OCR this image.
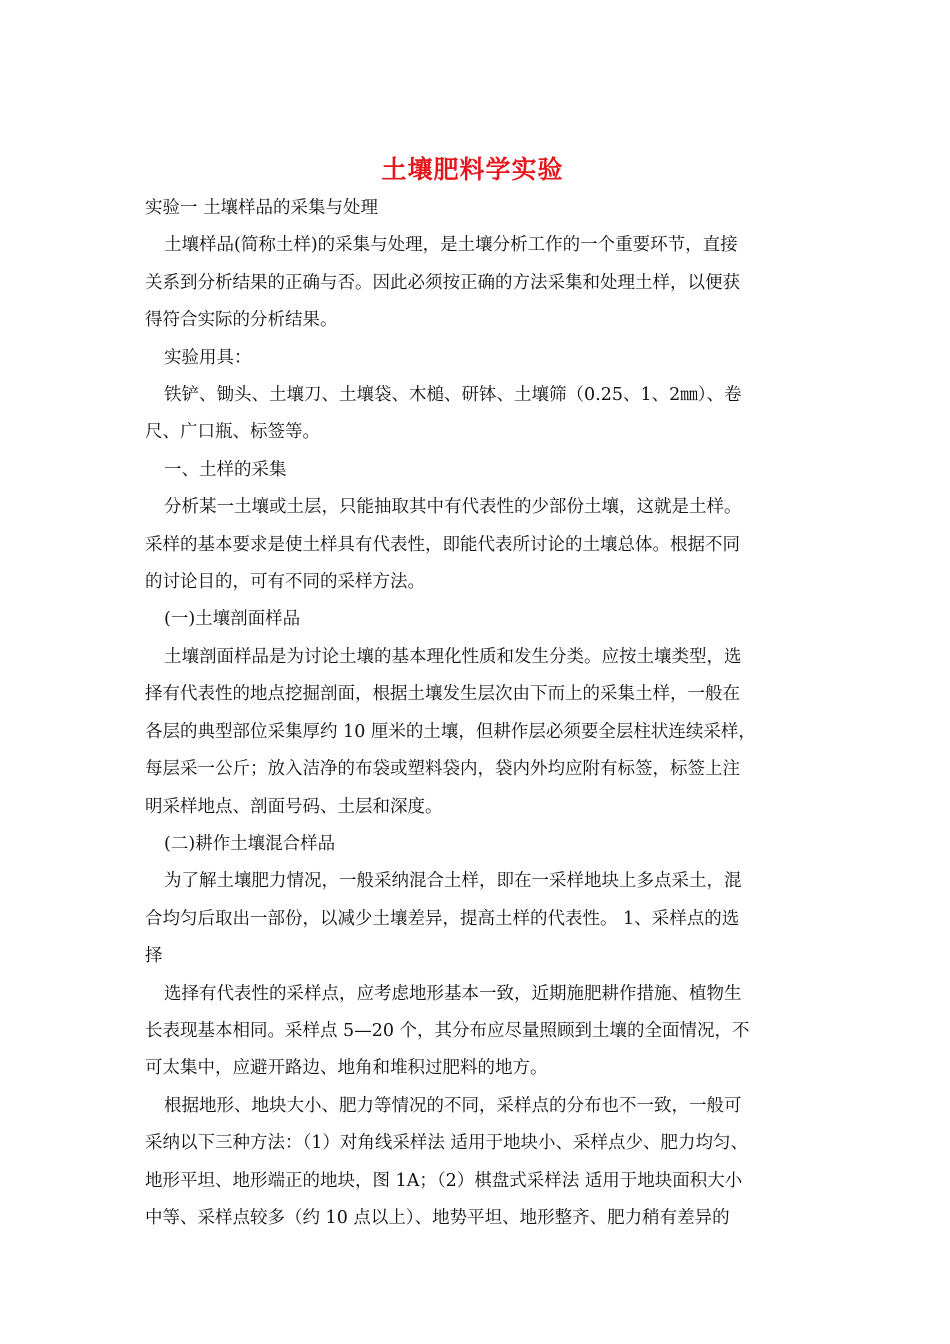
土壤肥料学实验

实验一 土壤样品的采集与处理

土壤样品(简称土样)的采集与处理，是土壤分析工作的一个重要环节，直接

关系到分析结果的正确与否。因此必须按正确的方法采集和处理土样，以便获

得符合实际的分析结果。

实验用具：

铁铲、锄头、土壤刀、土壤袋、木槌、研钵、土壤筛（0.25、1、2㎜）、卷

尺、广口瓶、标签等。

一、土样的采集

分析某一土壤或土层，只能抽取其中有代表性的少部份土壤，这就是土样。

采样的基本要求是使土样具有代表性，即能代表所讨论的土壤总体。根据不同

的讨论目的，可有不同的采样方法。

(一)土壤剖面样品

土壤剖面样品是为讨论土壤的基本理化性质和发生分类。应按土壤类型，选

择有代表性的地点挖掘剖面，根据土壤发生层次由下而上的采集土样，一般在

各层的典型部位采集厚约 10 厘米的土壤，但耕作层必须要全层柱状连续采样，

每层采一公斤；放入洁净的布袋或塑料袋内，袋内外均应附有标签，标签上注

明采样地点、剖面号码、土层和深度。

(二)耕作土壤混合样品

为了解土壤肥力情况，一般采纳混合土样，即在一采样地块上多点采土，混

合均匀后取出一部份，以减少土壤差异，提高土样的代表性。 1、采样点的选

择

选择有代表性的采样点，应考虑地形基本一致，近期施肥耕作措施、植物生

长表现基本相同。采样点 5—20 个，其分布应尽量照顾到土壤的全面情况，不

可太集中，应避开路边、地角和堆积过肥料的地方。

根据地形、地块大小、肥力等情况的不同，采样点的分布也不一致，一般可

采纳以下三种方法：（1）对角线采样法 适用于地块小、采样点少、肥力均匀、

地形平坦、地形端正的地块，图 1A；（2）棋盘式采样法 适用于地块面积大小

中等、采样点较多（约 10 点以上）、地势平坦、地形整齐、肥力稍有差异的
